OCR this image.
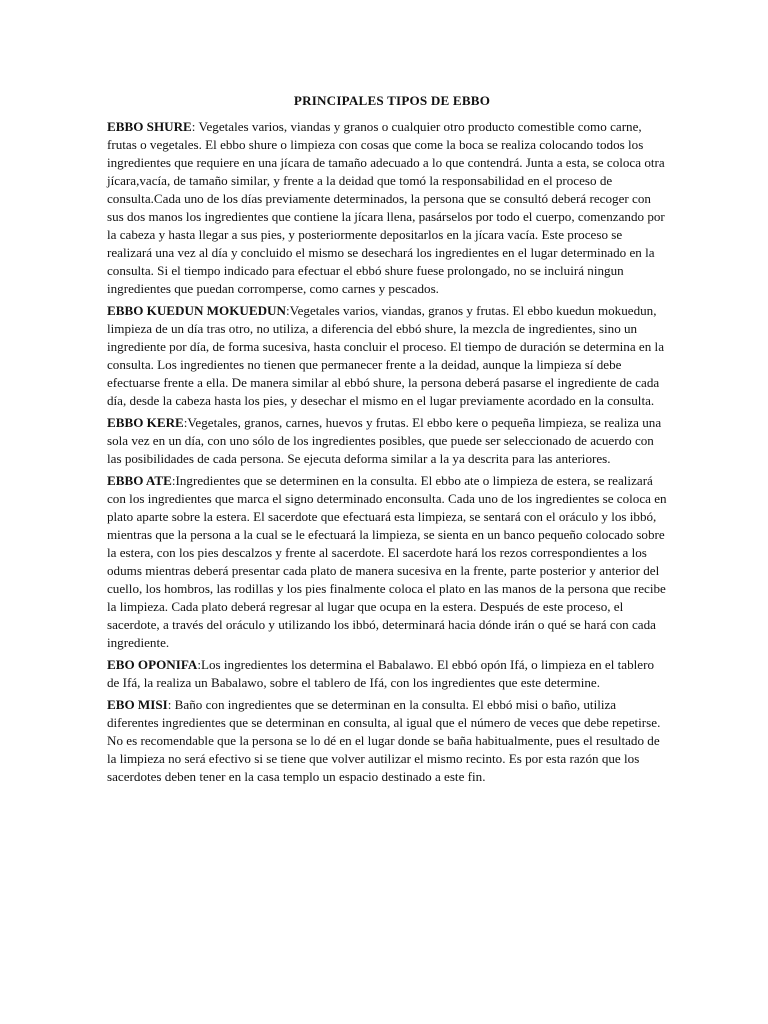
PRINCIPALES TIPOS DE EBBO

EBBO SHURE: Vegetales varios, viandas y granos o cualquier otro producto comestible como carne, frutas o vegetales. El ebbo shure o limpieza con cosas que come la boca se realiza colocando todos los ingredientes que requiere en una jícara de tamaño adecuado a lo que contendrá. Junta a esta, se coloca otra jícara,vacía, de tamaño similar, y frente a la deidad que tomó la responsabilidad en el proceso de consulta.Cada uno de los días previamente determinados, la persona que se consultó deberá recoger con sus dos manos los ingredientes que contiene la jícara llena, pasárselos por todo el cuerpo, comenzando por la cabeza y hasta llegar a sus pies, y posteriormente depositarlos en la jícara vacía. Este proceso se realizará una vez al día y concluido el mismo se desechará los ingredientes en el lugar determinado en la consulta. Si el tiempo indicado para efectuar el ebbó shure fuese prolongado, no se incluirá ningun ingredientes que puedan corromperse, como carnes y pescados.

EBBO KUEDUN MOKUEDUN:Vegetales varios, viandas, granos y frutas. El ebbo kuedun mokuedun, limpieza de un día tras otro, no utiliza, a diferencia del ebbó shure, la mezcla de ingredientes, sino un ingrediente por día, de forma sucesiva, hasta concluir el proceso. El tiempo de duración se determina en la consulta. Los ingredientes no tienen que permanecer frente a la deidad, aunque la limpieza sí debe efectuarse frente a ella. De manera similar al ebbó shure, la persona deberá pasarse el ingrediente de cada día, desde la cabeza hasta los pies, y desechar el mismo en el lugar previamente acordado en la consulta.

EBBO KERE:Vegetales, granos, carnes, huevos y frutas. El ebbo kere o pequeña limpieza, se realiza una sola vez en un día, con uno sólo de los ingredientes posibles, que puede ser seleccionado de acuerdo con las posibilidades de cada persona. Se ejecuta deforma similar a la ya descrita para las anteriores.

EBBO ATE:Ingredientes que se determinen en la consulta. El ebbo ate o limpieza de estera, se realizará con los ingredientes que marca el signo determinado enconsulta. Cada uno de los ingredientes se coloca en plato aparte sobre la estera. El sacerdote que efectuará esta limpieza, se sentará con el oráculo y los ibbó, mientras que la persona a la cual se le efectuará la limpieza, se sienta en un banco pequeño colocado sobre la estera, con los pies descalzos y frente al sacerdote. El sacerdote hará los rezos correspondientes a los odums mientras deberá presentar cada plato de manera sucesiva en la frente, parte posterior y anterior del cuello, los hombros, las rodillas y los pies finalmente coloca el plato en las manos de la persona que recibe la limpieza. Cada plato deberá regresar al lugar que ocupa en la estera. Después de este proceso, el sacerdote, a través del oráculo y utilizando los ibbó, determinará hacia dónde irán o qué se hará con cada ingrediente.

EBO OPONIFA:Los ingredientes los determina el Babalawo. El ebbó opón Ifá, o limpieza en el tablero de Ifá, la realiza un Babalawo, sobre el tablero de Ifá, con los ingredientes que este determine.

EBO MISI: Baño con ingredientes que se determinan en la consulta. El ebbó misi o baño, utiliza diferentes ingredientes que se determinan en consulta, al igual que el número de veces que debe repetirse. No es recomendable que la persona se lo dé en el lugar donde se baña habitualmente, pues el resultado de la limpieza no será efectivo si se tiene que volver autilizar el mismo recinto. Es por esta razón que los sacerdotes deben tener en la casa templo un espacio destinado a este fin.
